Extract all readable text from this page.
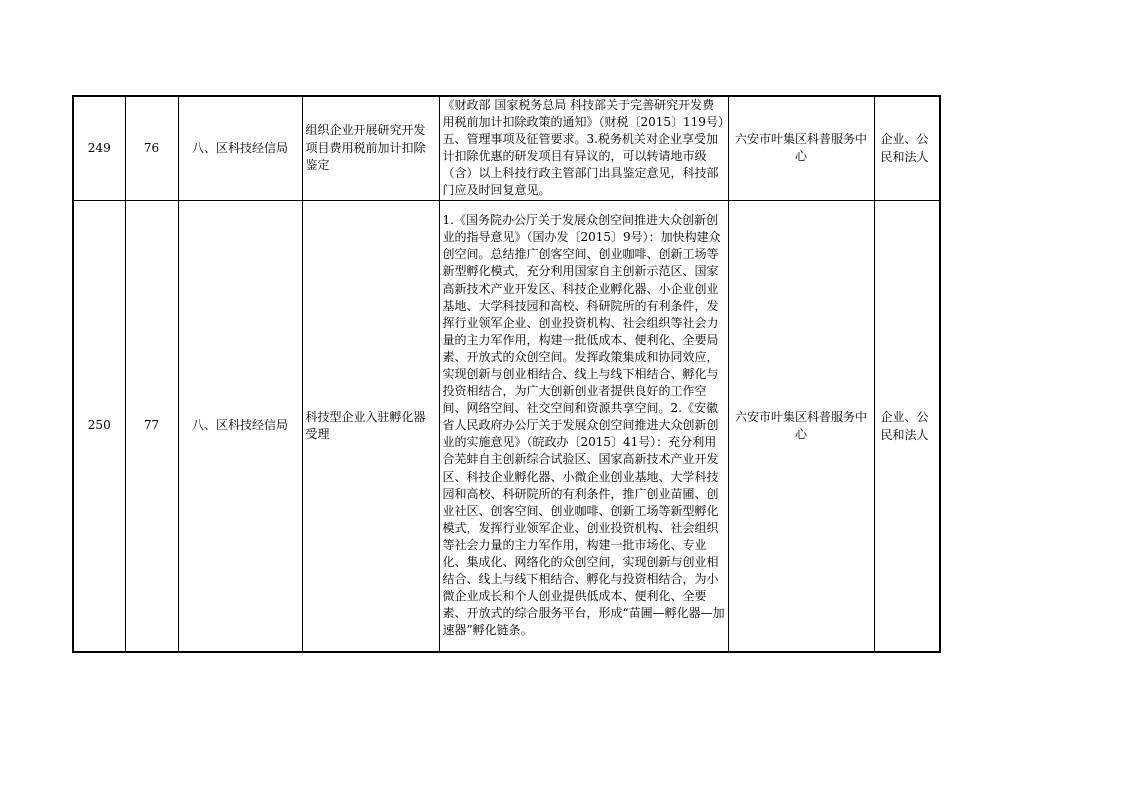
249	76	八、区科技经信局	组织企业开展研究开发项目费用税前加计扣除鉴定	《财政部 国家税务总局 科技部关于完善研究开发费用税前加计扣除政策的通知》（财税〔2015〕119号）五、管理事项及征管要求。3.税务机关对企业享受加计扣除优惠的研发项目有异议的，可以转请地市级（含）以上科技行政主管部门出具鉴定意见，科技部门应及时回复意见。	六安市叶集区科普服务中心	企业、公民和法人
250	77	八、区科技经信局	科技型企业入驻孵化器受理	1.《国务院办公厅关于发展众创空间推进大众创新创业的指导意见》（国办发〔2015〕9号）：加快构建众创空间。总结推广创客空间、创业咖啡、创新工场等新型孵化模式，充分利用国家自主创新示范区、国家高新技术产业开发区、科技企业孵化器、小企业创业基地、大学科技园和高校、科研院所的有利条件，发挥行业领军企业、创业投资机构、社会组织等社会力量的主力军作用，构建一批低成本、便利化、全要局素、开放式的众创空间。发挥政策集成和协同效应，实现创新与创业相结合、线上与线下相结合、孵化与投资相结合，为广大创新创业者提供良好的工作空间、网络空间、社交空间和资源共享空间。2.《安徽省人民政府办公厅关于发展众创空间推进大众创新创业的实施意见》（皖政办〔2015〕41号）：充分利用合芜蚌自主创新综合试验区、国家高新技术产业开发区、科技企业孵化器、小微企业创业基地、大学科技园和高校、科研院所的有利条件，推广创业苗圃、创业社区、创客空间、创业咖啡、创新工场等新型孵化模式，发挥行业领军企业、创业投资机构、社会组织等社会力量的主力军作用，构建一批市场化、专业化、集成化、网络化的众创空间，实现创新与创业相结合、线上与线下相结合、孵化与投资相结合，为小微企业成长和个人创业提供低成本、便利化、全要素、开放式的综合服务平台，形成“苗圃—孵化器—加速器”孵化链条。	六安市叶集区科普服务中心	企业、公民和法人
